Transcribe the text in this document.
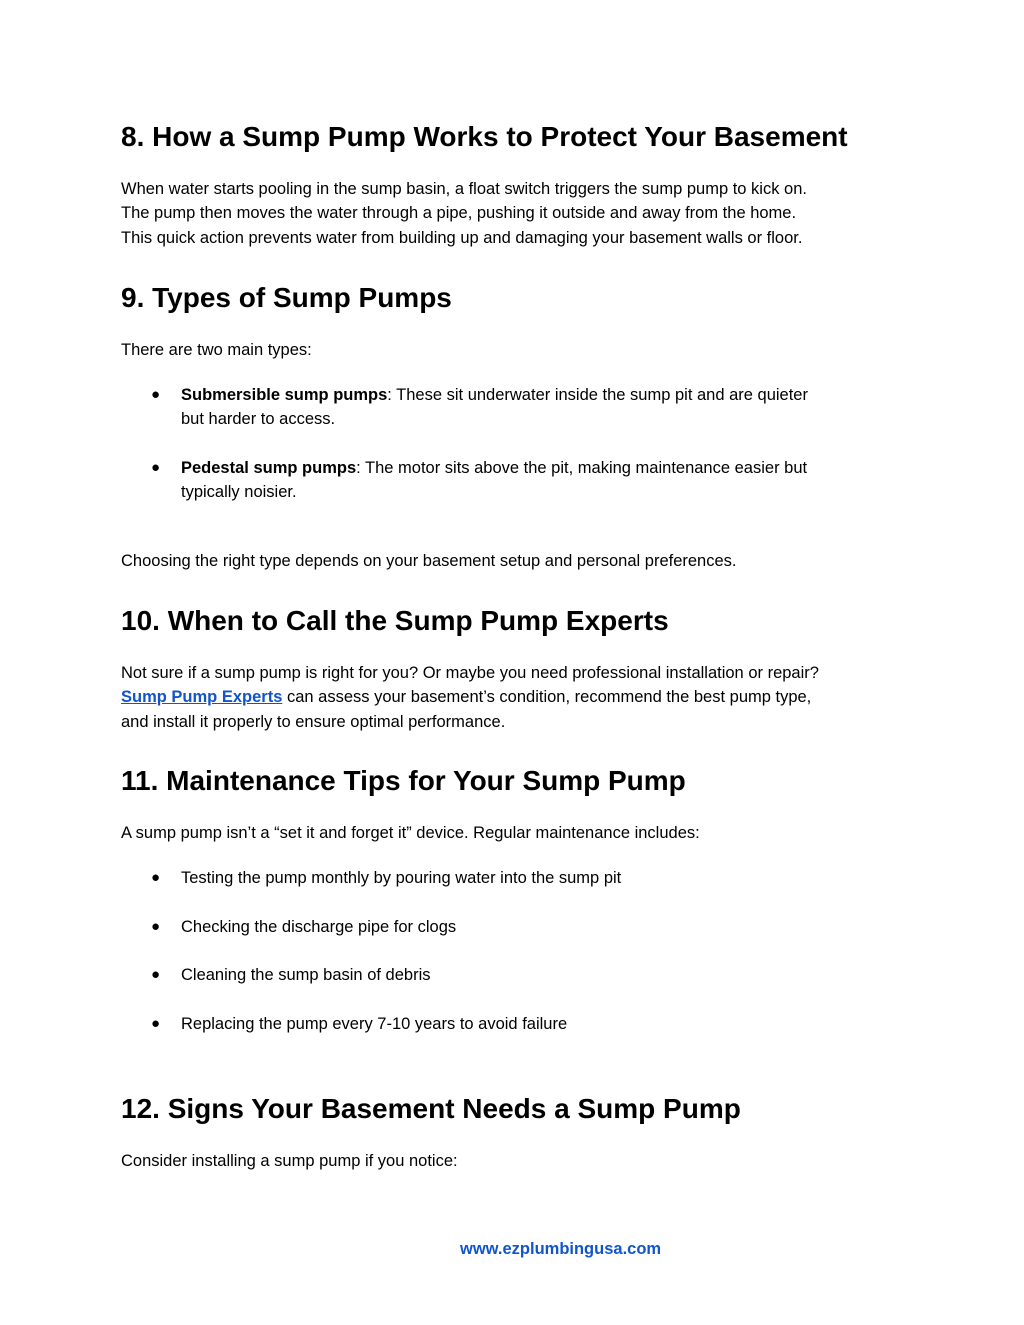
8. How a Sump Pump Works to Protect Your Basement

When water starts pooling in the sump basin, a float switch triggers the sump pump to kick on.
The pump then moves the water through a pipe, pushing it outside and away from the home.
This quick action prevents water from building up and damaging your basement walls or floor.

9. Types of Sump Pumps

There are two main types:

● Submersible sump pumps: These sit underwater inside the sump pit and are quieter
but harder to access.
● Pedestal sump pumps: The motor sits above the pit, making maintenance easier but
typically noisier.

Choosing the right type depends on your basement setup and personal preferences.

10. When to Call the Sump Pump Experts

Not sure if a sump pump is right for you? Or maybe you need professional installation or repair?
Sump Pump Experts can assess your basement’s condition, recommend the best pump type,
and install it properly to ensure optimal performance.

11. Maintenance Tips for Your Sump Pump

A sump pump isn’t a “set it and forget it” device. Regular maintenance includes:

● Testing the pump monthly by pouring water into the sump pit
● Checking the discharge pipe for clogs
● Cleaning the sump basin of debris
● Replacing the pump every 7-10 years to avoid failure
12. Signs Your Basement Needs a Sump Pump

Consider installing a sump pump if you notice:

www.ezplumbingusa.com
